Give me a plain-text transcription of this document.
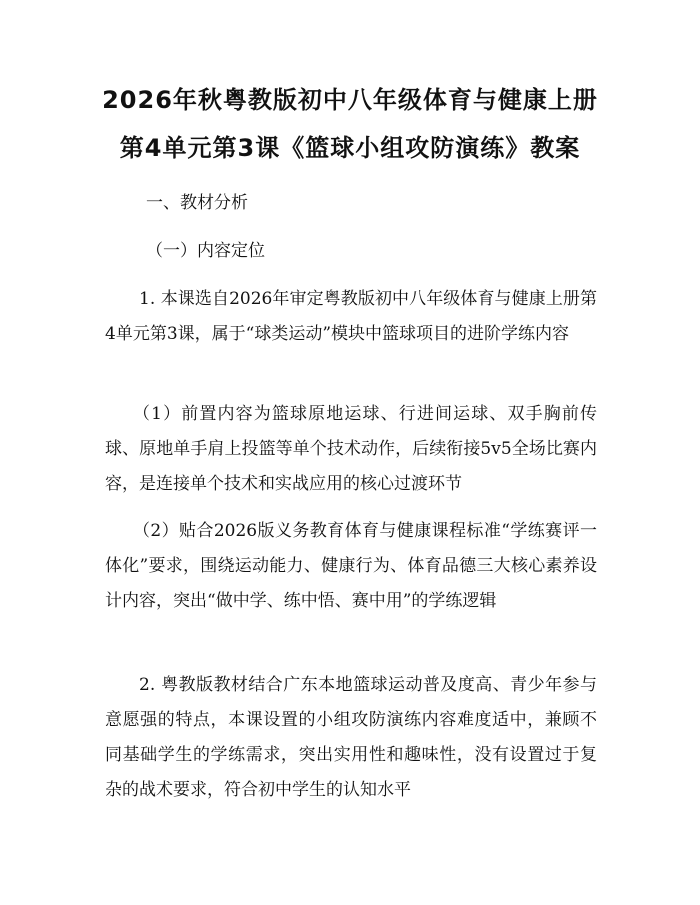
2026年秋粤教版初中八年级体育与健康上册
第4单元第3课《篮球小组攻防演练》教案
一、教材分析
（一）内容定位
1. 本课选自2026年审定粤教版初中八年级体育与健康上册第4单元第3课，属于“球类运动”模块中篮球项目的进阶学练内容
（1）前置内容为篮球原地运球、行进间运球、双手胸前传球、原地单手肩上投篮等单个技术动作，后续衔接5v5全场比赛内容，是连接单个技术和实战应用的核心过渡环节
（2）贴合2026版义务教育体育与健康课程标准“学练赛评一体化”要求，围绕运动能力、健康行为、体育品德三大核心素养设计内容，突出“做中学、练中悟、赛中用”的学练逻辑
2. 粤教版教材结合广东本地篮球运动普及度高、青少年参与意愿强的特点，本课设置的小组攻防演练内容难度适中，兼顾不同基础学生的学练需求，突出实用性和趣味性，没有设置过于复杂的战术要求，符合初中学生的认知水平
